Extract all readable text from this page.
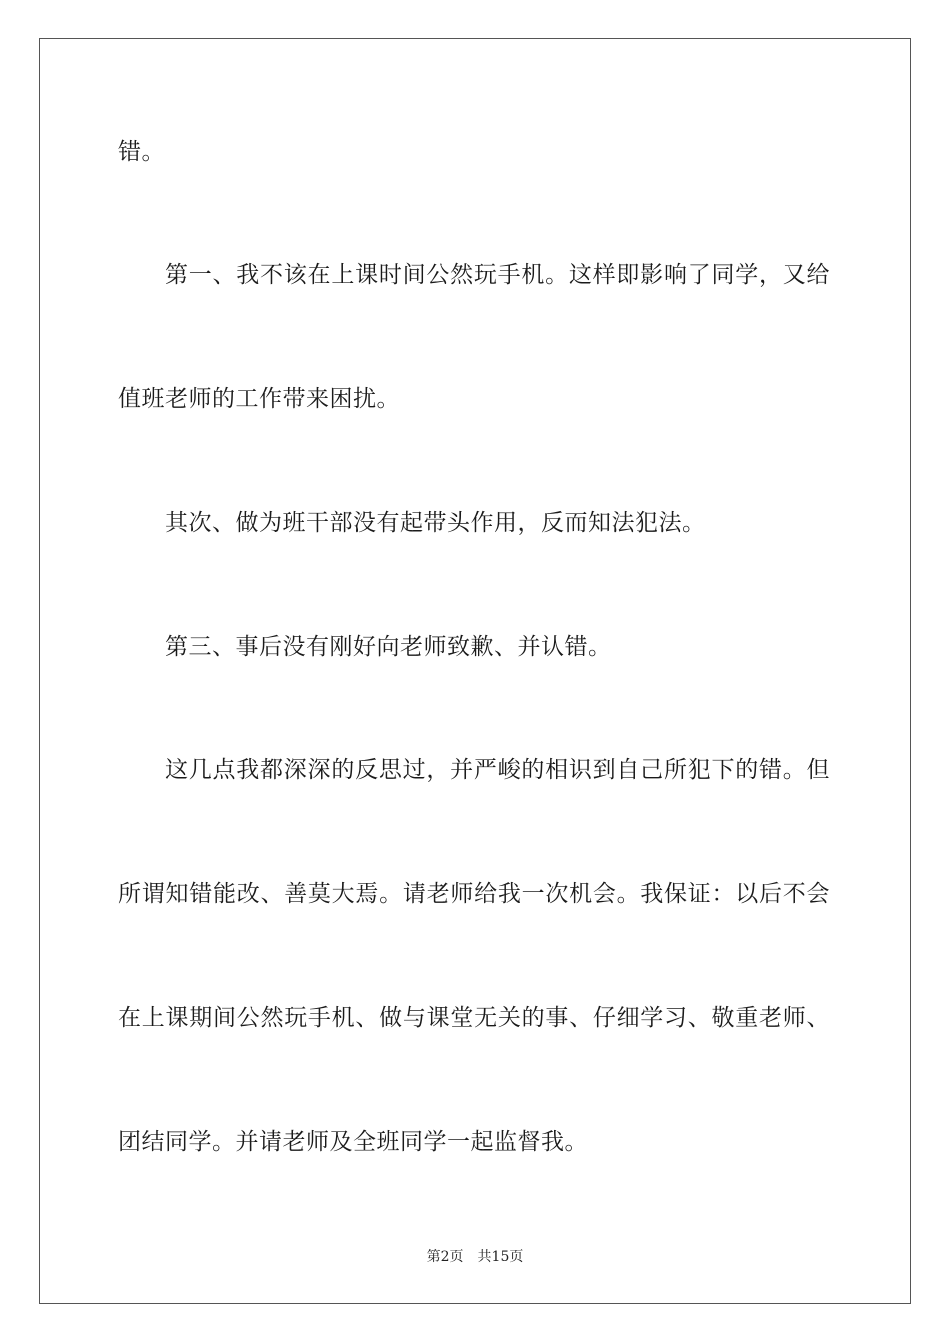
错。
第一、我不该在上课时间公然玩手机。这样即影响了同学，又给
值班老师的工作带来困扰。
其次、做为班干部没有起带头作用，反而知法犯法。
第三、事后没有刚好向老师致歉、并认错。
这几点我都深深的反思过，并严峻的相识到自己所犯下的错。但
所谓知错能改、善莫大焉。请老师给我一次机会。我保证：以后不会
在上课期间公然玩手机、做与课堂无关的事、仔细学习、敬重老师、
团结同学。并请老师及全班同学一起监督我。
第2页 共15页
